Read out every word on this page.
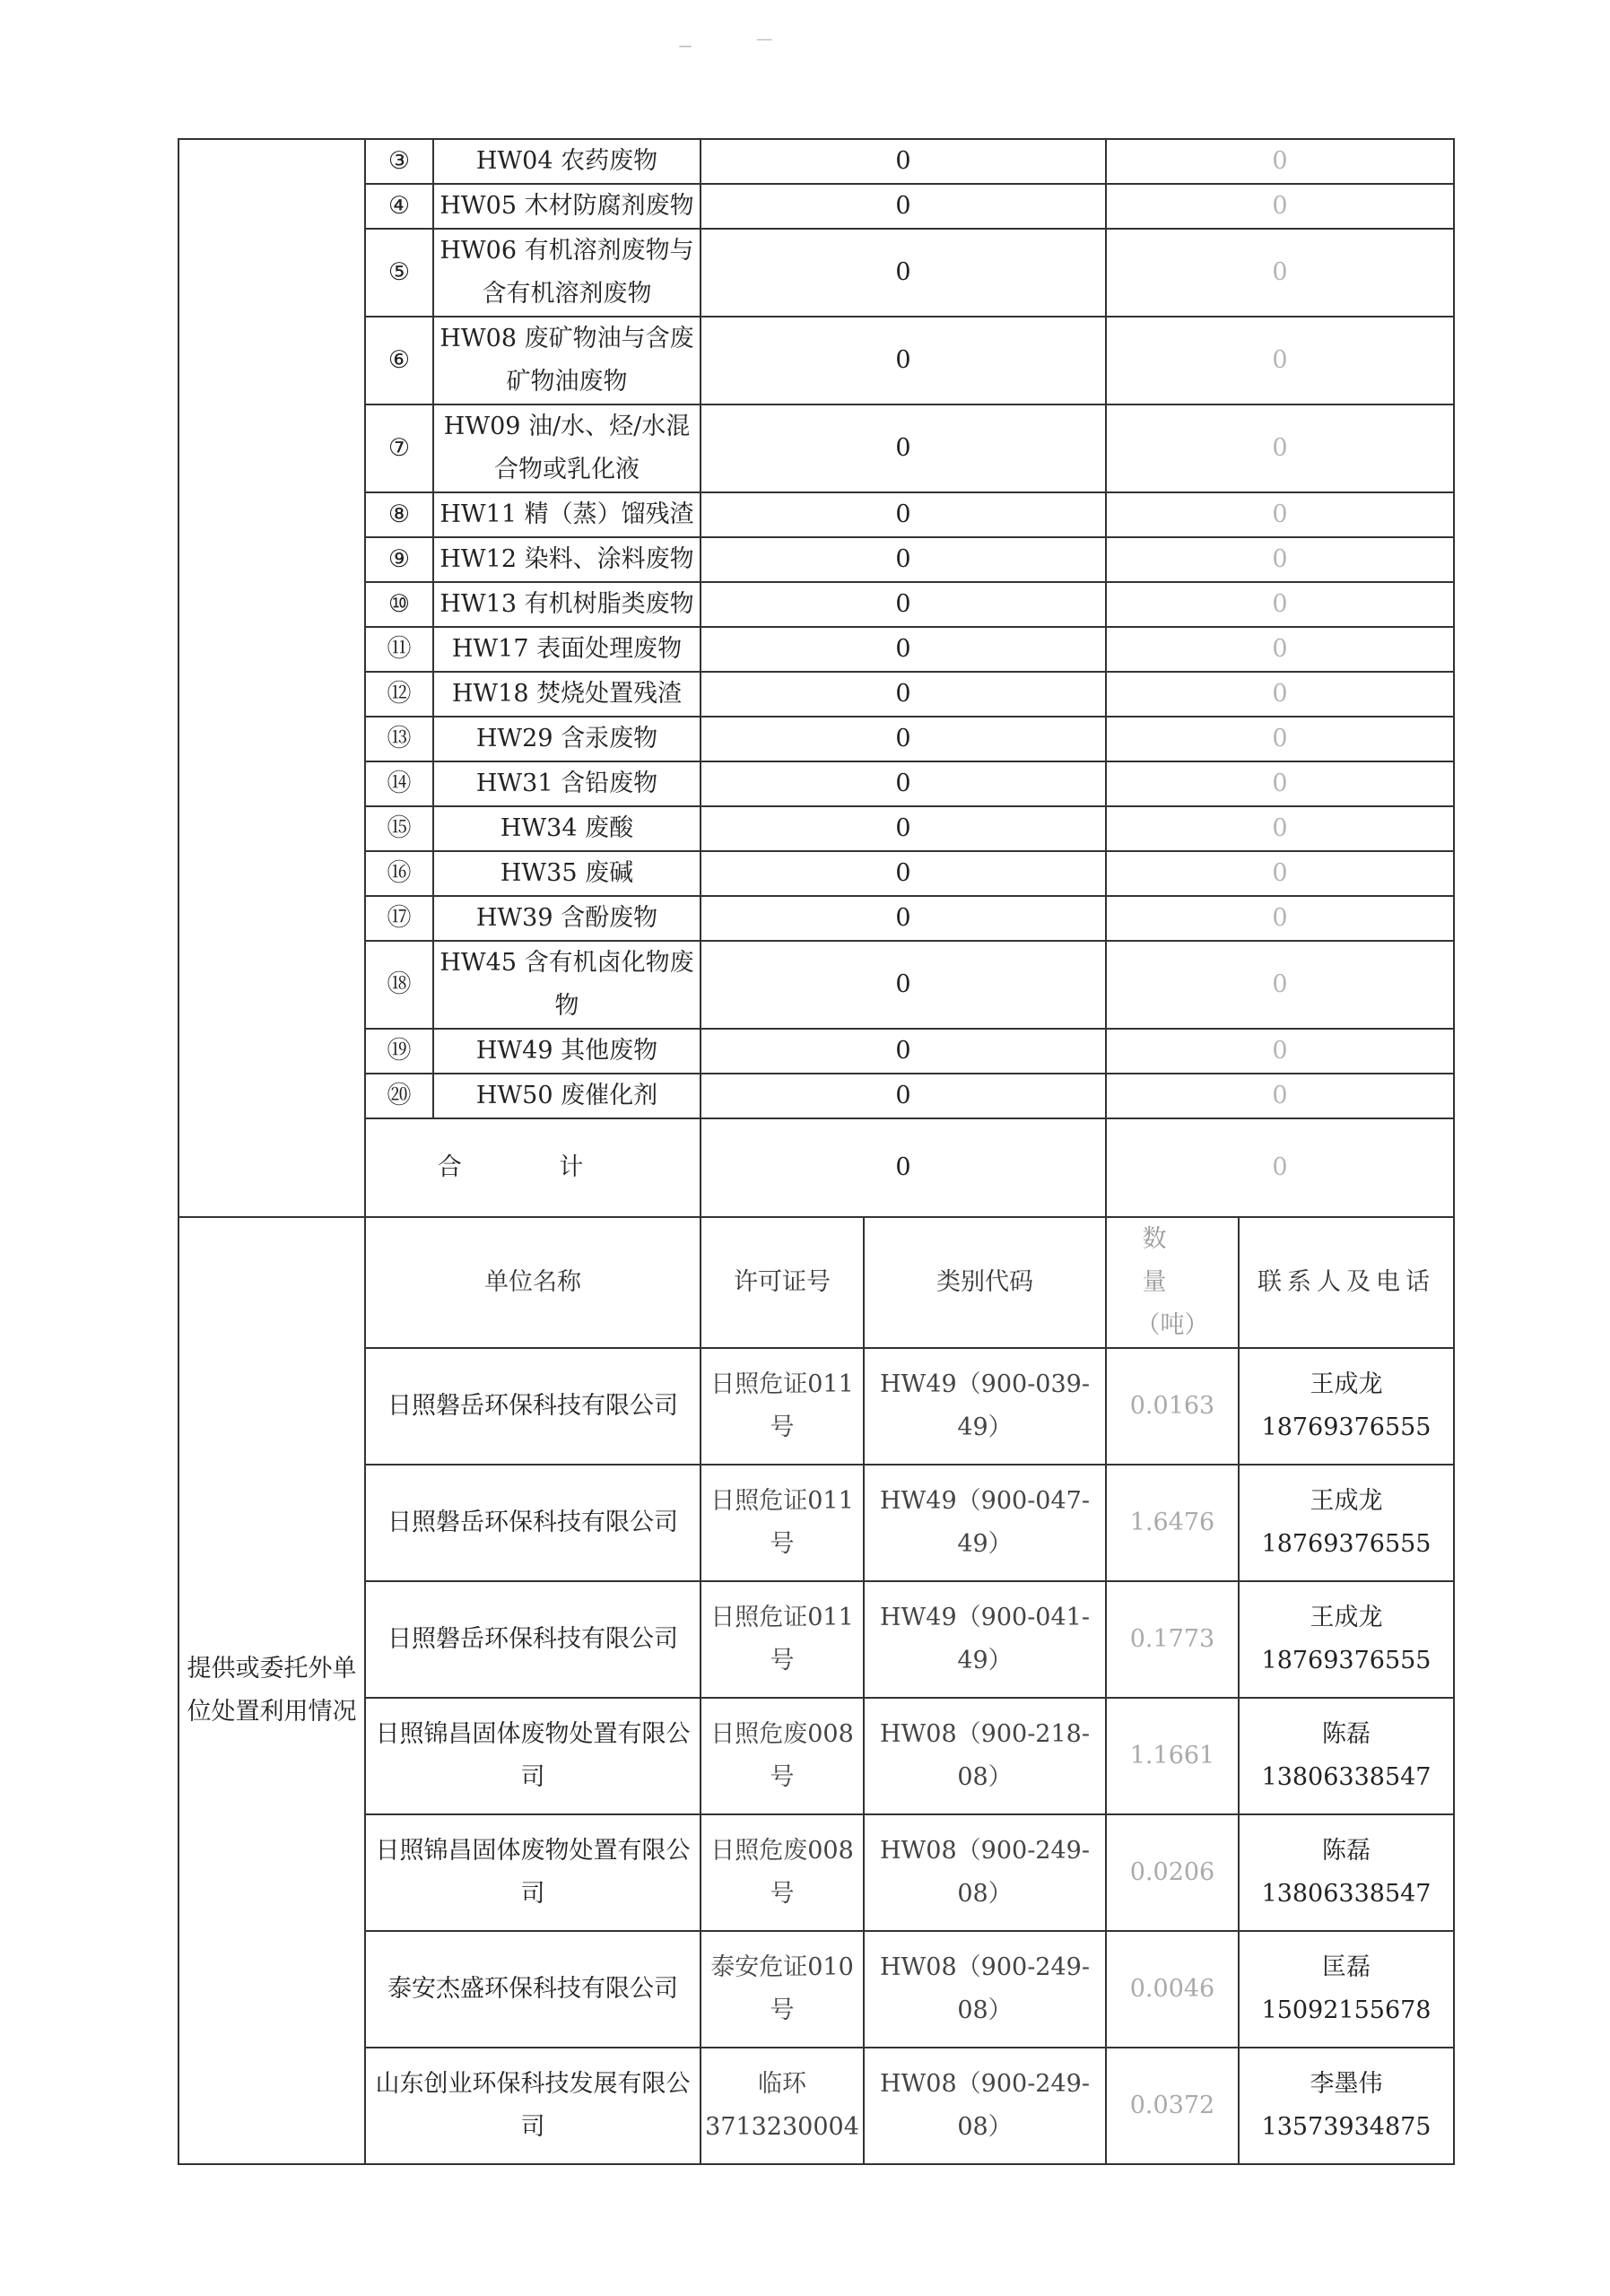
⁻ ‾
	③	HW04 农药废物	0		0	
	④	HW05 木材防腐剂废物	0		0	
	⑤	HW06 有机溶剂废物与含有机溶剂废物	0		0	
	⑥	HW08 废矿物油与含废矿物油废物	0		0	
	⑦	HW09 油/水、烃/水混合物或乳化液	0		0	
	⑧	HW11 精（蒸）馏残渣	0		0	
	⑨	HW12 染料、涂料废物	0		0	
	⑩	HW13 有机树脂类废物	0		0	
	⑪	HW17 表面处理废物	0		0	
	⑫	HW18 焚烧处置残渣	0		0	
	⑬	HW29 含汞废物	0		0	
	⑭	HW31 含铅废物	0		0	
	⑮	HW34 废酸	0		0	
	⑯	HW35 废碱	0		0	
	⑰	HW39 含酚废物	0		0	
	⑱	HW45 含有机卤化物废物	0		0	
	⑲	HW49 其他废物	0		0	
	⑳	HW50 废催化剂	0		0	
	合 计		0		0	
提供或委托外单位处置利用情况	单位名称		许可证号	类别代码	数 量
（吨）	联系人及电话	
	日照磐岳环保科技有限公司		日照危证011号	HW49（900-039-49）	0.0163	王成龙
18769376555	

	日照磐岳环保科技有限公司		日照危证011号	HW49（900-047-49）	1.6476	王成龙
18769376555	

	日照磐岳环保科技有限公司		日照危证011号	HW49（900-041-49）	0.1773	王成龙
18769376555	

	日照锦昌固体废物处置有限公司		日照危废008号	HW08（900-218-08）	1.1661	陈磊
13806338547	

	日照锦昌固体废物处置有限公司		日照危废008号	HW08（900-249-08）	0.0206	陈磊
13806338547	

	泰安杰盛环保科技有限公司		泰安危证010号	HW08（900-249-08）	0.0046	匡磊
15092155678	

	山东创业环保科技发展有限公司		临环3713230004	HW08（900-249-08）	0.0372	李墨伟
13573934875	
